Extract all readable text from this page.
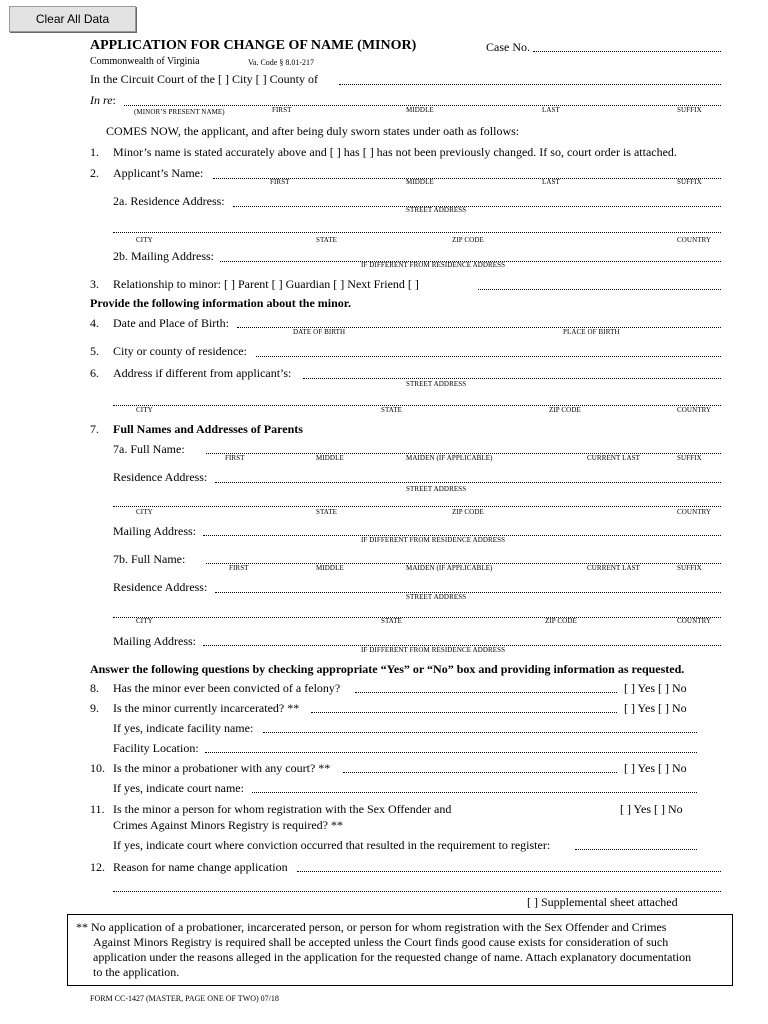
Clear All Data
APPLICATION FOR CHANGE OF NAME (MINOR)	Case No.
Commonwealth of Virginia	Va. Code § 8.01-217
In the Circuit Court of the [ ] City [ ] County of
In re:
(MINOR’S PRESENT NAME)	FIRST	MIDDLE	LAST	SUFFIX
COMES NOW, the applicant, and after being duly sworn states under oath as follows:
1. Minor’s name is stated accurately above and [ ] has [ ] has not been previously changed. If so, court order is attached.
2. Applicant’s Name:
FIRST	MIDDLE	LAST	SUFFIX
2a. Residence Address:
STREET ADDRESS
CITY	STATE	ZIP CODE	COUNTRY
2b. Mailing Address:
IF DIFFERENT FROM RESIDENCE ADDRESS
3. Relationship to minor: [ ] Parent [ ] Guardian [ ] Next Friend [ ]
Provide the following information about the minor.
4. Date and Place of Birth:
DATE OF BIRTH	PLACE OF BIRTH
5. City or county of residence:
6. Address if different from applicant’s:
STREET ADDRESS
CITY	STATE	ZIP CODE	COUNTRY
7. Full Names and Addresses of Parents
7a. Full Name:
FIRST	MIDDLE	MAIDEN (IF APPLICABLE)	CURRENT LAST	SUFFIX
Residence Address:
STREET ADDRESS
CITY	STATE	ZIP CODE	COUNTRY
Mailing Address:
IF DIFFERENT FROM RESIDENCE ADDRESS
7b. Full Name:
FIRST	MIDDLE	MAIDEN (IF APPLICABLE)	CURRENT LAST	SUFFIX
Residence Address:
STREET ADDRESS
CITY	STATE	ZIP CODE	COUNTRY
Mailing Address:
IF DIFFERENT FROM RESIDENCE ADDRESS
Answer the following questions by checking appropriate “Yes” or “No” box and providing information as requested.
8. Has the minor ever been convicted of a felony?	[ ] Yes [ ] No
9. Is the minor currently incarcerated? **	[ ] Yes [ ] No
If yes, indicate facility name:
Facility Location:
10. Is the minor a probationer with any court? **	[ ] Yes [ ] No
If yes, indicate court name:
11. Is the minor a person for whom registration with the Sex Offender and	[ ] Yes [ ] No
Crimes Against Minors Registry is required? **
If yes, indicate court where conviction occurred that resulted in the requirement to register:
12. Reason for name change application
[ ] Supplemental sheet attached
** No application of a probationer, incarcerated person, or person for whom registration with the Sex Offender and Crimes
Against Minors Registry is required shall be accepted unless the Court finds good cause exists for consideration of such
application under the reasons alleged in the application for the requested change of name. Attach explanatory documentation
to the application.
FORM CC-1427 (MASTER, PAGE ONE OF TWO) 07/18
